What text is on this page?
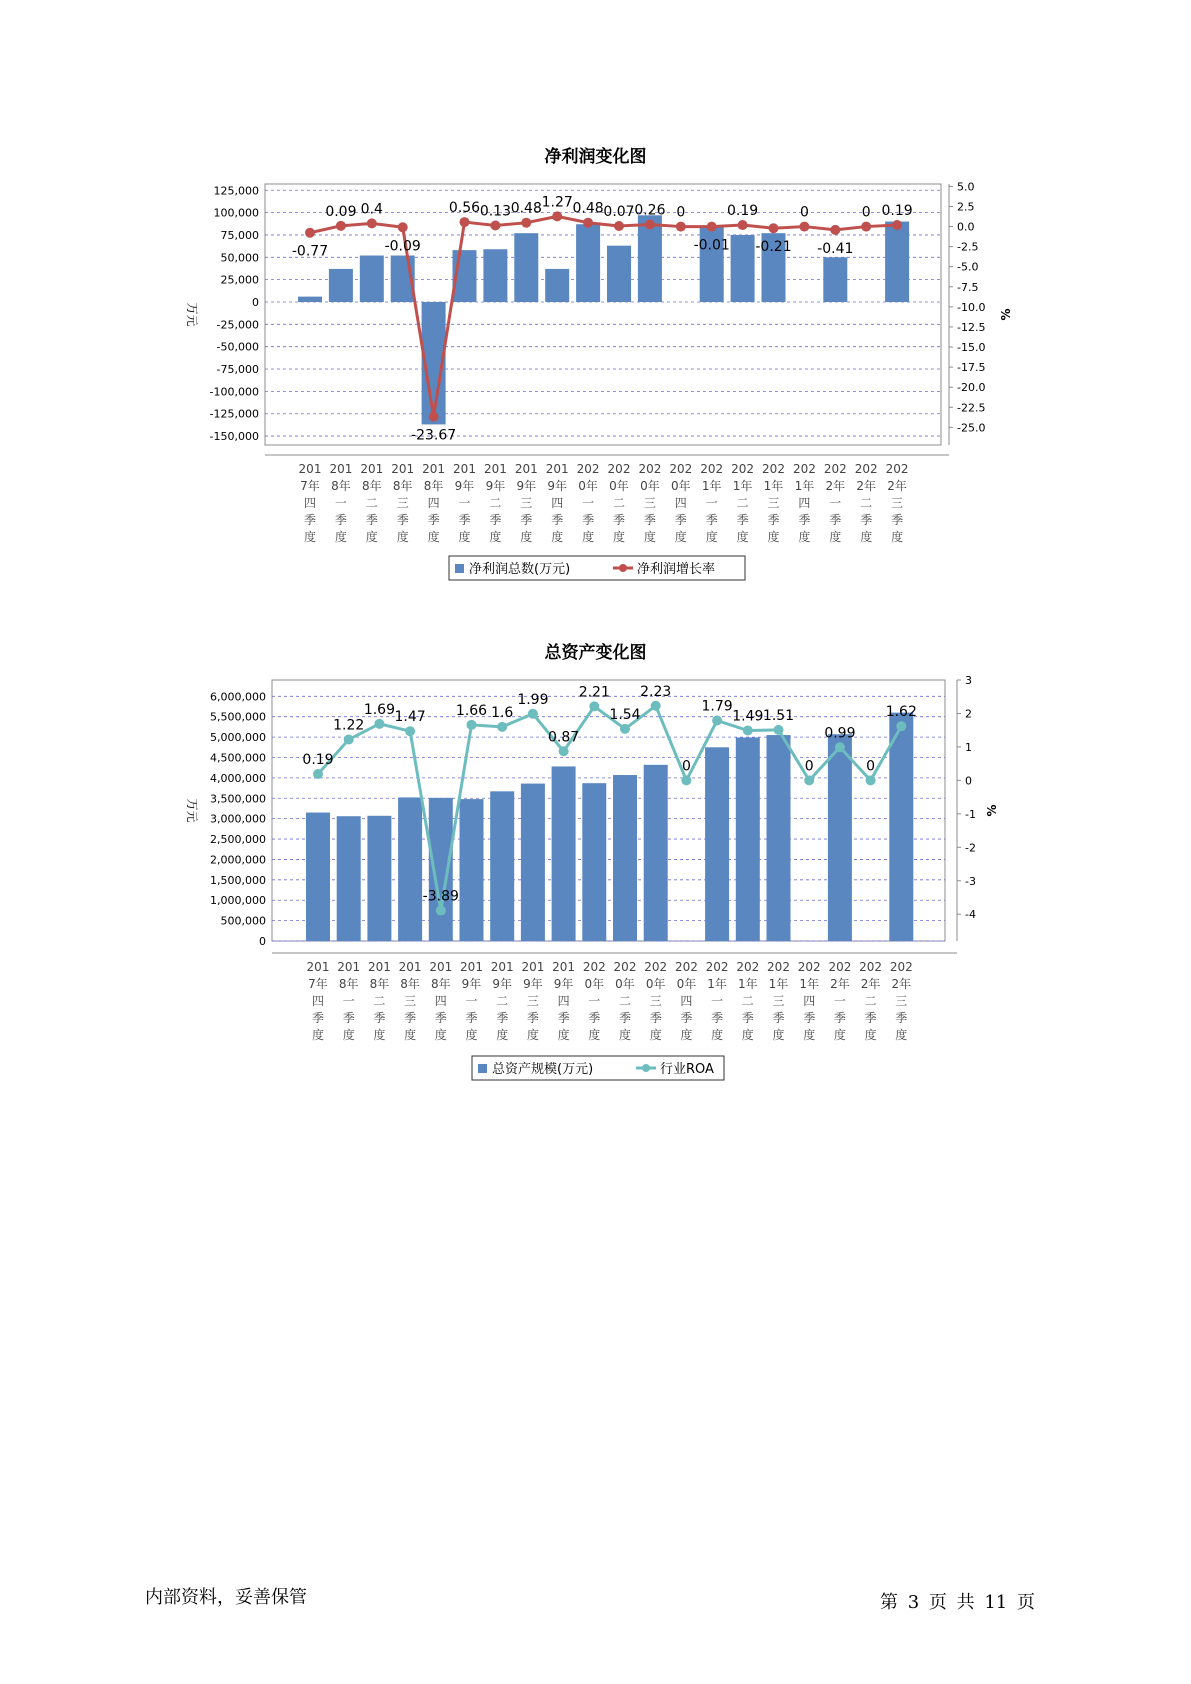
净利润变化图
125,000
100,000
75,000
50,000
25,000
0
-25,000
-50,000
-75,000
-100,000
-125,000
-150,000
5.0
2.5
0.0
-2.5
-5.0
-7.5
-10.0
-12.5
-15.0
-17.5
-20.0
-22.5
-25.0
万元	%
-0.77
0.09 0.4
-0.09
-23.67
0.56 0.13 0.48 1.27 0.48 0.07 0.26 0
-0.01
0.19
-0.21
0
-0.41
0 0.19
201
7年
四
季
度
201
8年
一
季
度
201
8年
二
季
度
201
8年
三
季
度
201
8年
四
季
度
201
9年
一
季
度
201
9年
二
季
度
201
9年
三
季
度
201
9年
四
季
度
202
0年
一
季
度
202
0年
二
季
度
202
0年
三
季
度
202
0年
四
季
度
202
1年
一
季
度
202
1年
二
季
度
202
1年
三
季
度
202
1年
四
季
度
202
2年
一
季
度
202
2年
二
季
度
202
2年
三
季
度
净利润总数(万元)	净利润增长率
总资产变化图
6,000,000
5,500,000
5,000,000
4,500,000
4,000,000
3,500,000
3,000,000
2,500,000
2,000,000
1,500,000
1,000,000
500,000
0
3
2
1
0
-1
-2
-3
-4
万元	%
0.19
1.22
1.69 1.47
-3.89
1.66 1.6
1.99
0.87
2.21
1.54
2.23
0
1.79
1.49 1.51
0
0.99
0
1.62
201
7年
四
季
度
201
8年
一
季
度
201
8年
二
季
度
201
8年
三
季
度
201
8年
四
季
度
201
9年
一
季
度
201
9年
二
季
度
201
9年
三
季
度
201
9年
四
季
度
202
0年
一
季
度
202
0年
二
季
度
202
0年
三
季
度
202
0年
四
季
度
202
1年
一
季
度
202
1年
二
季
度
202
1年
三
季
度
202
1年
四
季
度
202
2年
一
季
度
202
2年
二
季
度
202
2年
三
季
度
总资产规模(万元)	行业ROA
内部资料，妥善保管	第 3 页 共 11 页
